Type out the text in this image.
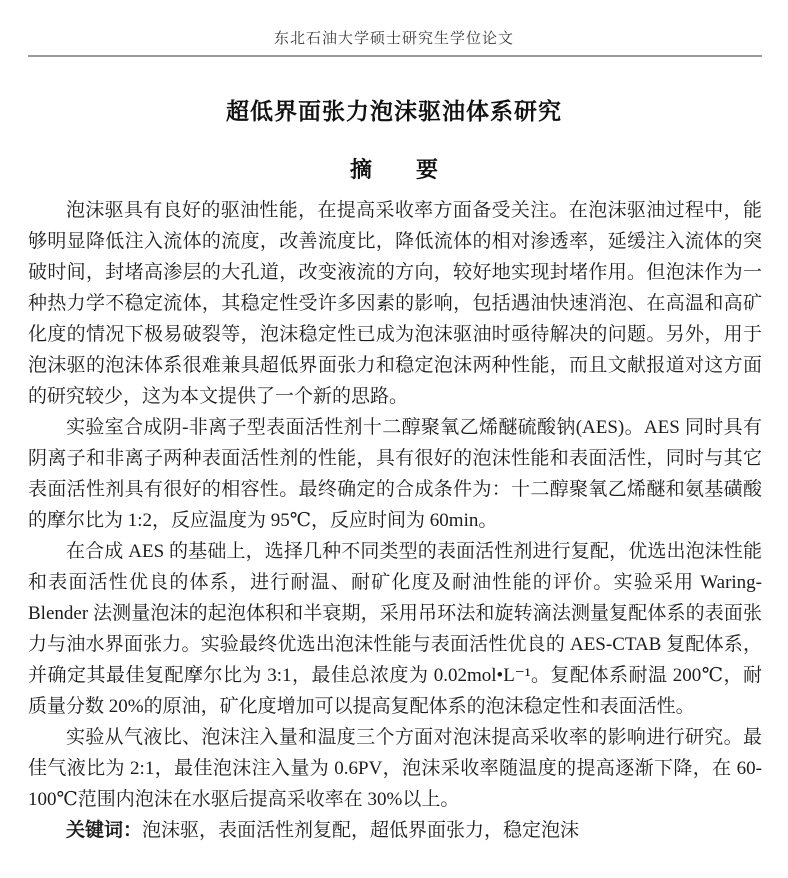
东北石油大学硕士研究生学位论文
超低界面张力泡沫驱油体系研究
摘　　要

泡沫驱具有良好的驱油性能，在提高采收率方面备受关注。在泡沫驱油过程中，能够明显降低注入流体的流度，改善流度比，降低流体的相对渗透率，延缓注入流体的突破时间，封堵高渗层的大孔道，改变液流的方向，较好地实现封堵作用。但泡沫作为一种热力学不稳定流体，其稳定性受许多因素的影响，包括遇油快速消泡、在高温和高矿化度的情况下极易破裂等，泡沫稳定性已成为泡沫驱油时亟待解决的问题。另外，用于泡沫驱的泡沫体系很难兼具超低界面张力和稳定泡沫两种性能，而且文献报道对这方面的研究较少，这为本文提供了一个新的思路。

实验室合成阴-非离子型表面活性剂十二醇聚氧乙烯醚硫酸钠(AES)。AES 同时具有阴离子和非离子两种表面活性剂的性能，具有很好的泡沫性能和表面活性，同时与其它表面活性剂具有很好的相容性。最终确定的合成条件为：十二醇聚氧乙烯醚和氨基磺酸的摩尔比为 1:2，反应温度为 95℃，反应时间为 60min。

在合成 AES 的基础上，选择几种不同类型的表面活性剂进行复配，优选出泡沫性能和表面活性优良的体系，进行耐温、耐矿化度及耐油性能的评价。实验采用 Waring-Blender 法测量泡沫的起泡体积和半衰期，采用吊环法和旋转滴法测量复配体系的表面张力与油水界面张力。实验最终优选出泡沫性能与表面活性优良的 AES-CTAB 复配体系，并确定其最佳复配摩尔比为 3:1，最佳总浓度为 0.02mol•L⁻¹。复配体系耐温 200℃，耐质量分数 20%的原油，矿化度增加可以提高复配体系的泡沫稳定性和表面活性。

实验从气液比、泡沫注入量和温度三个方面对泡沫提高采收率的影响进行研究。最佳气液比为 2:1，最佳泡沫注入量为 0.6PV，泡沫采收率随温度的提高逐渐下降，在 60-100℃范围内泡沫在水驱后提高采收率在 30%以上。

关键词：泡沫驱，表面活性剂复配，超低界面张力，稳定泡沫
